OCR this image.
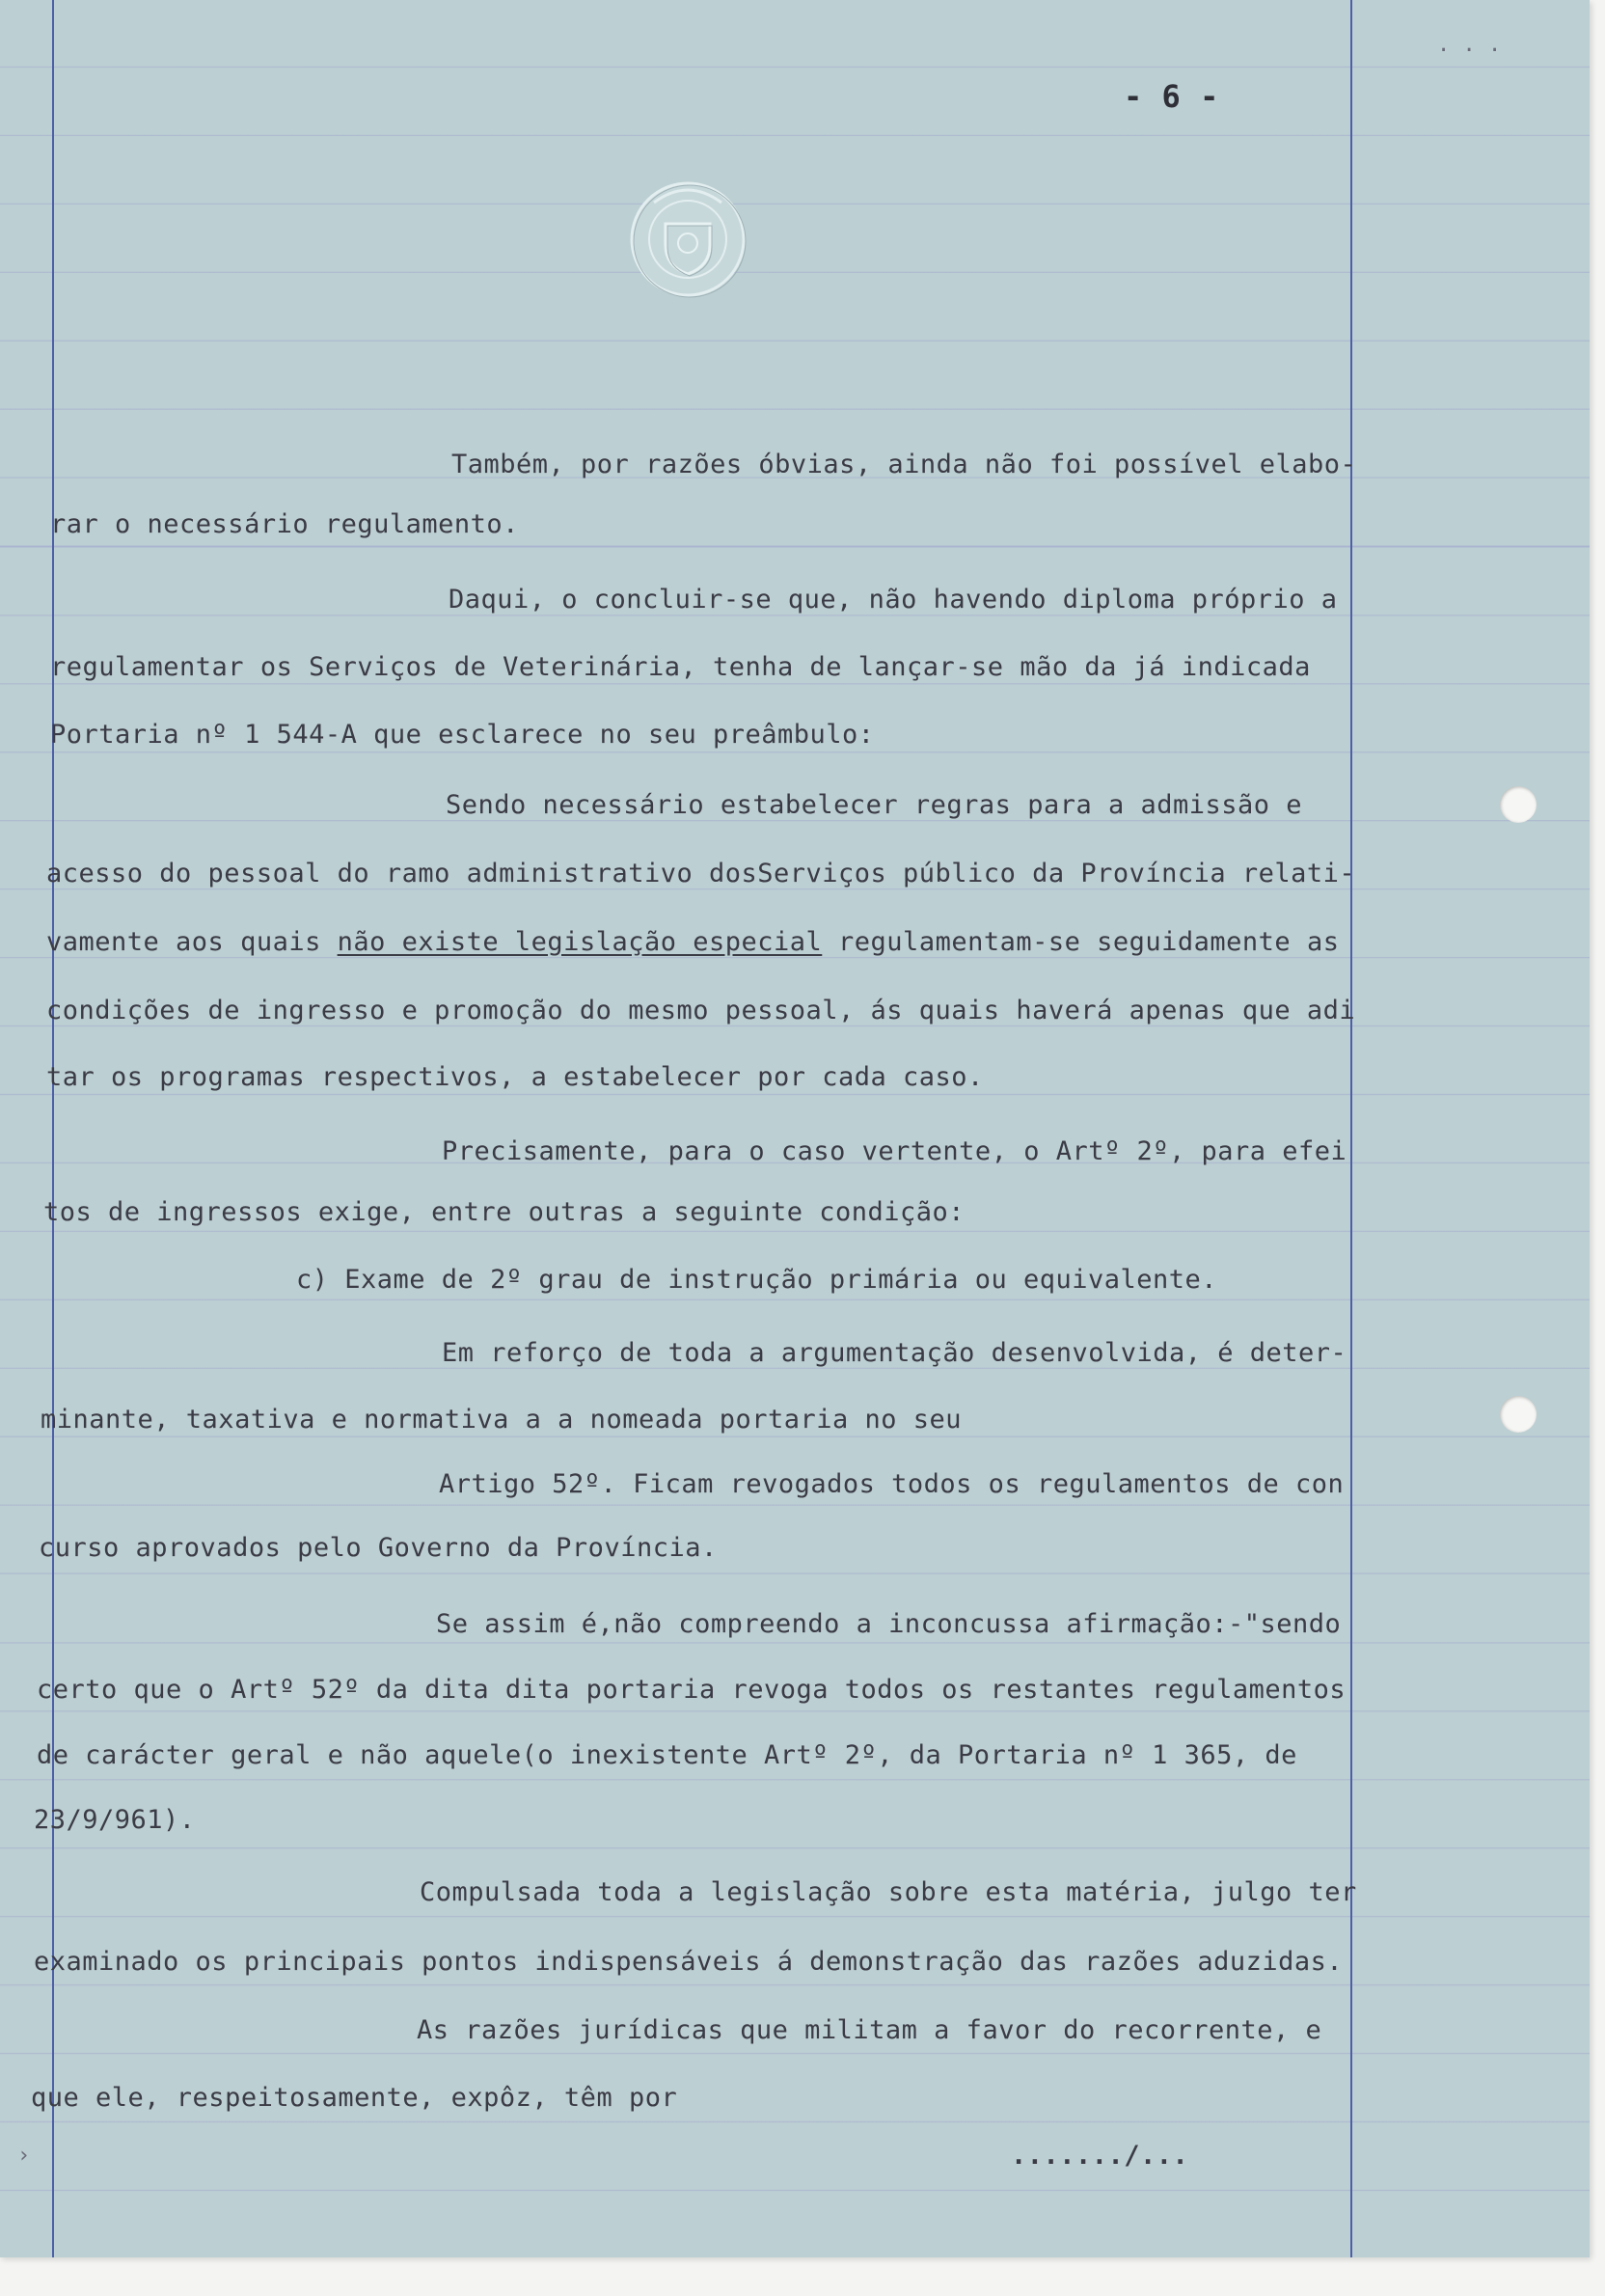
- 6 -
Também, por razões óbvias, ainda não foi possível elabo-
rar o necessário regulamento.
Daqui, o concluir-se que, não havendo diploma próprio a
regulamentar os Serviços de Veterinária, tenha de lançar-se mão da já indicada
Portaria nº 1 544-A que esclarece no seu preâmbulo:
Sendo necessário estabelecer regras para a admissão e
acesso do pessoal do ramo administrativo dosServiços público da Província relati-
vamente aos quais não existe legislação especial regulamentam-se seguidamente as
condições de ingresso e promoção do mesmo pessoal, ás quais haverá apenas que adi
tar os programas respectivos, a estabelecer por cada caso.
Precisamente, para o caso vertente, o Artº 2º, para efei
tos de ingressos exige, entre outras a seguinte condição:
c) Exame de 2º grau de instrução primária ou equivalente.
Em reforço de toda a argumentação desenvolvida, é deter-
minante, taxativa e normativa a a nomeada portaria no seu
Artigo 52º. Ficam revogados todos os regulamentos de con
curso aprovados pelo Governo da Província.
Se assim é,não compreendo a inconcussa afirmação:-"sendo
certo que o Artº 52º da dita dita portaria revoga todos os restantes regulamentos
de carácter geral e não aquele(o inexistente Artº 2º, da Portaria nº 1 365, de
23/9/961).
Compulsada toda a legislação sobre esta matéria, julgo ter
examinado os principais pontos indispensáveis á demonstração das razões aduzidas.
As razões jurídicas que militam a favor do recorrente, e
que ele, respeitosamente, expôz, têm por
......./...
· · ·
›
